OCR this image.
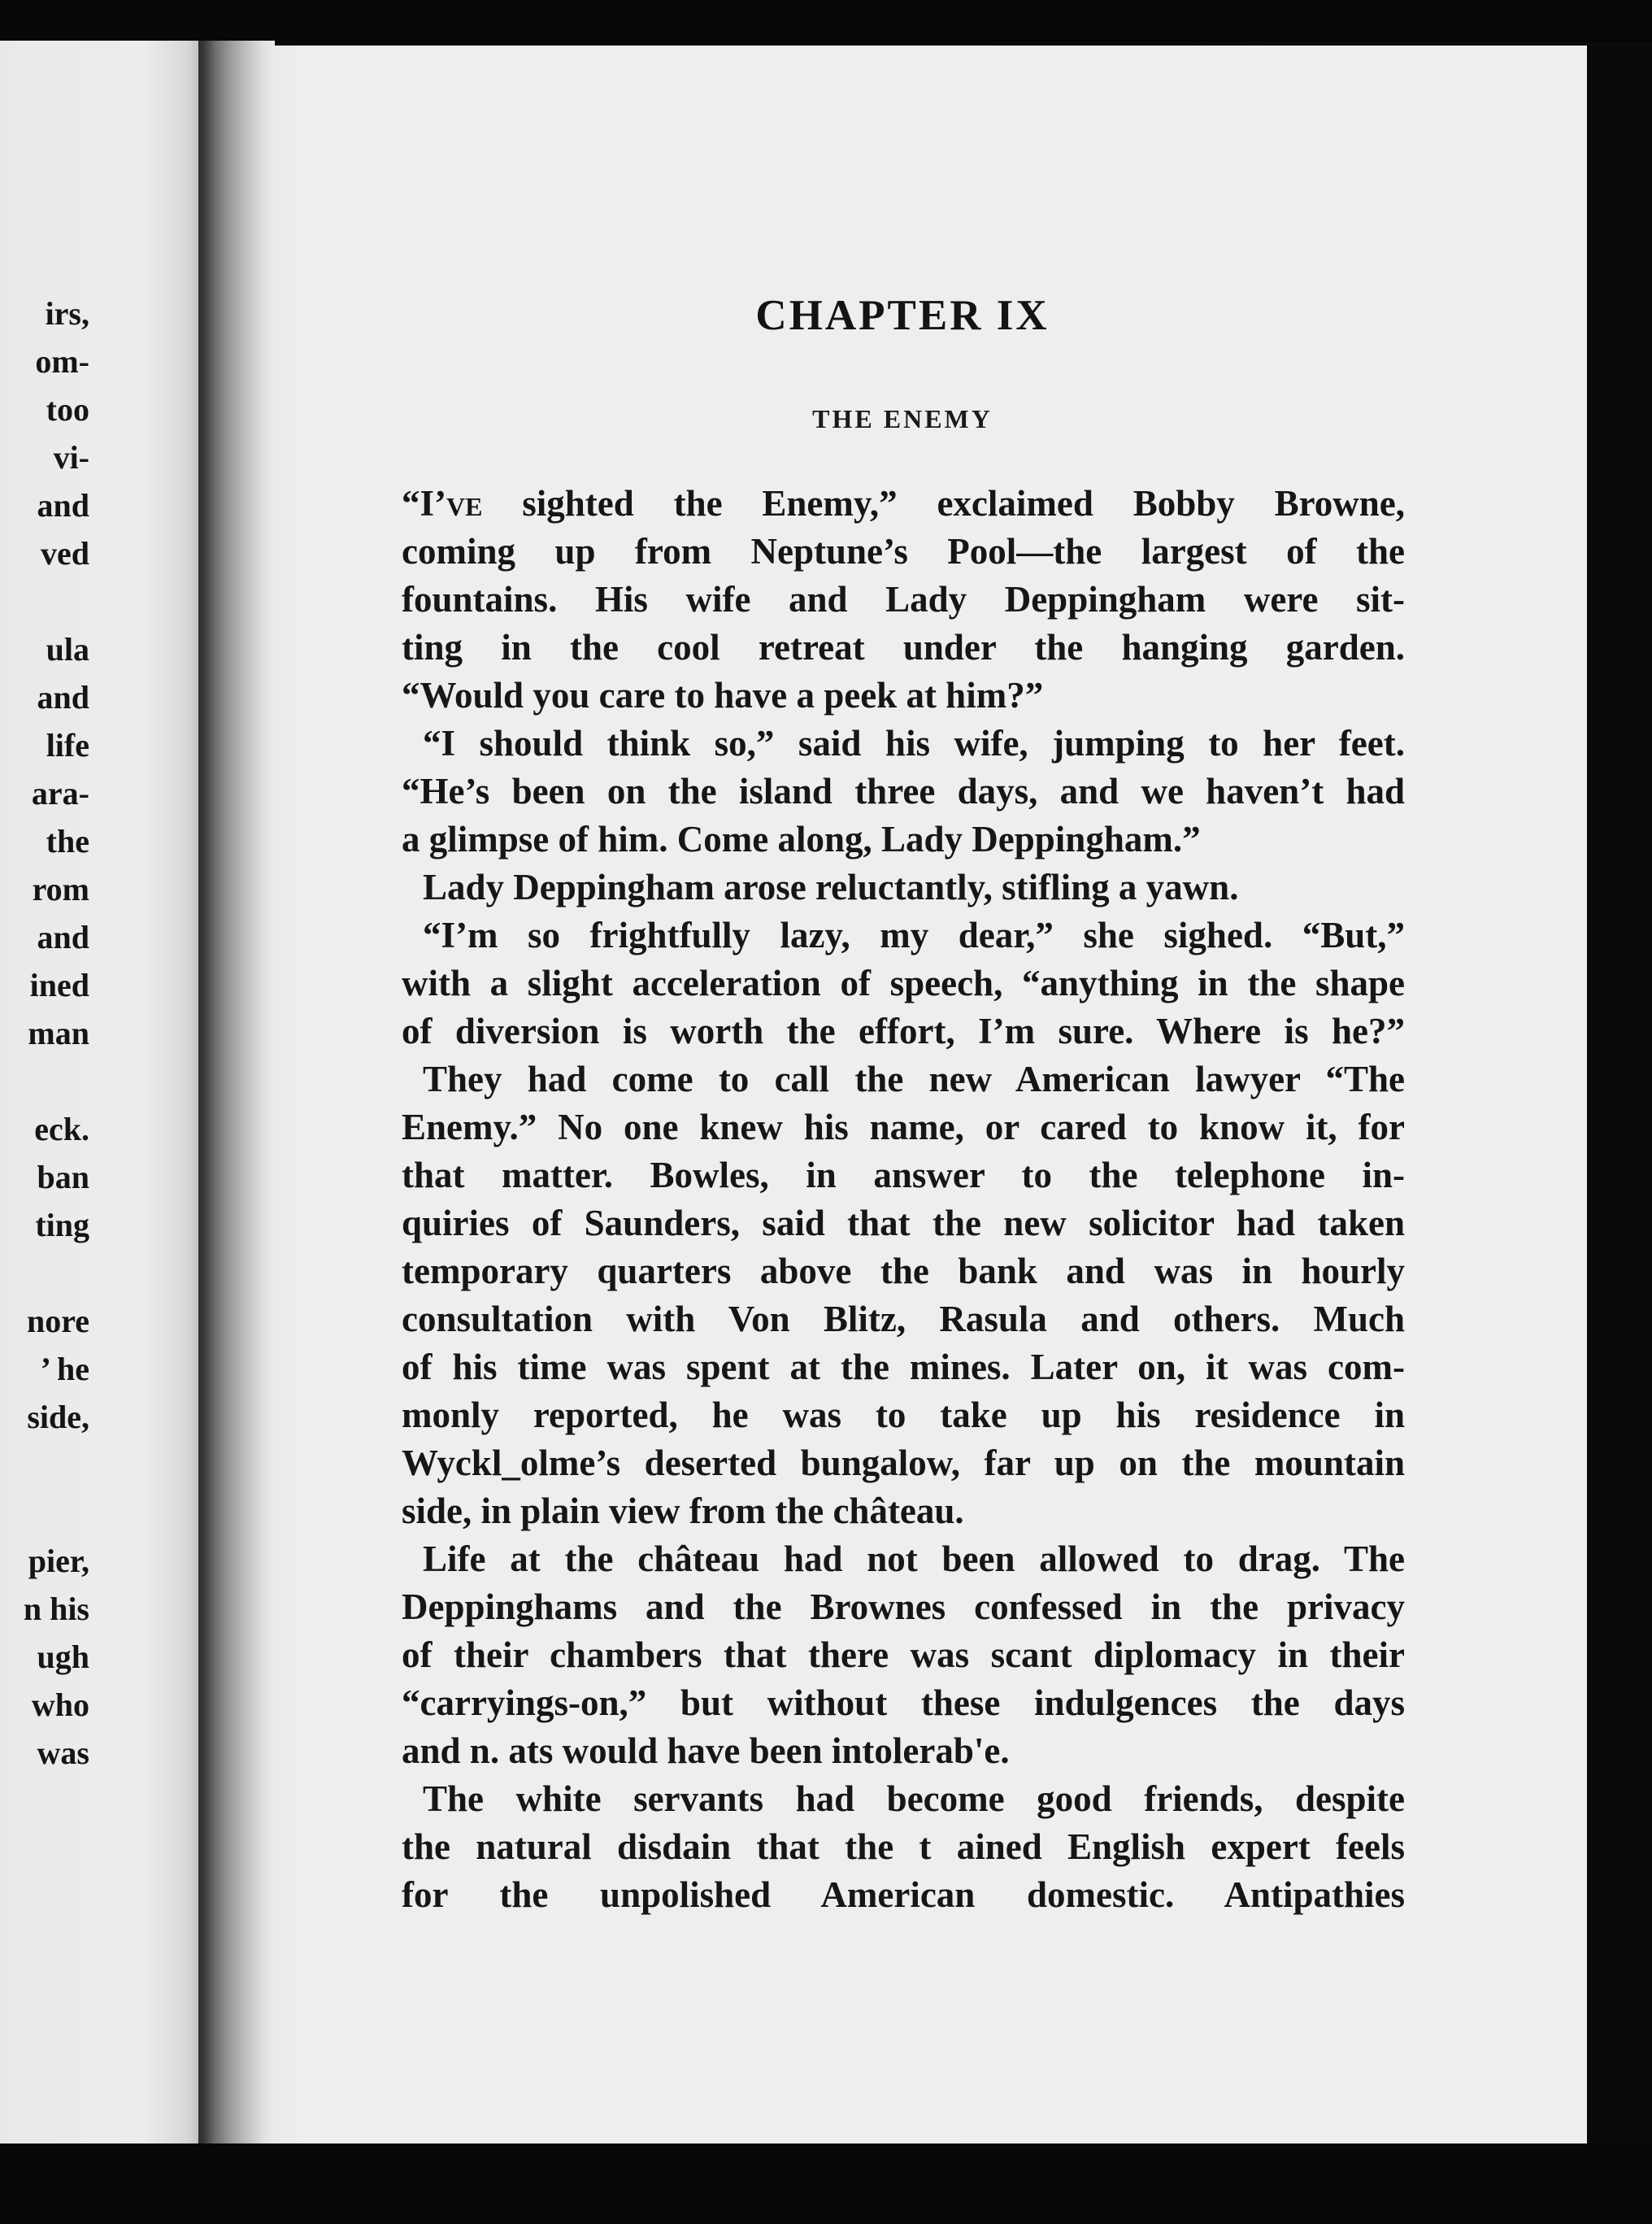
irs,
om-
too
vi-
and
ved
ula
and
life
ara-
the
rom
and
ined
man
eck.
ban
ting
nore
’ he
side,
pier,
n his
ugh
who
was
CHAPTER IX
THE ENEMY
“I’ve sighted the Enemy,” exclaimed Bobby Browne,
coming up from Neptune’s Pool—the largest of the
fountains. His wife and Lady Deppingham were sit-
ting in the cool retreat under the hanging garden.
“Would you care to have a peek at him?”
“I should think so,” said his wife, jumping to her feet.
“He’s been on the island three days, and we haven’t had
a glimpse of him. Come along, Lady Deppingham.”
Lady Deppingham arose reluctantly, stifling a yawn.
“I’m so frightfully lazy, my dear,” she sighed. “But,”
with a slight acceleration of speech, “anything in the shape
of diversion is worth the effort, I’m sure. Where is he?”
They had come to call the new American lawyer “The
Enemy.” No one knew his name, or cared to know it, for
that matter. Bowles, in answer to the telephone in-
quiries of Saunders, said that the new solicitor had taken
temporary quarters above the bank and was in hourly
consultation with Von Blitz, Rasula and others. Much
of his time was spent at the mines. Later on, it was com-
monly reported, he was to take up his residence in
Wyckl_olme’s deserted bungalow, far up on the mountain
side, in plain view from the château.
Life at the château had not been allowed to drag. The
Deppinghams and the Brownes confessed in the privacy
of their chambers that there was scant diplomacy in their
“carryings-on,” but without these indulgences the days
and n. ats would have been intolerab'e.
The white servants had become good friends, despite
the natural disdain that the t ained English expert feels
for the unpolished American domestic. Antipathies
